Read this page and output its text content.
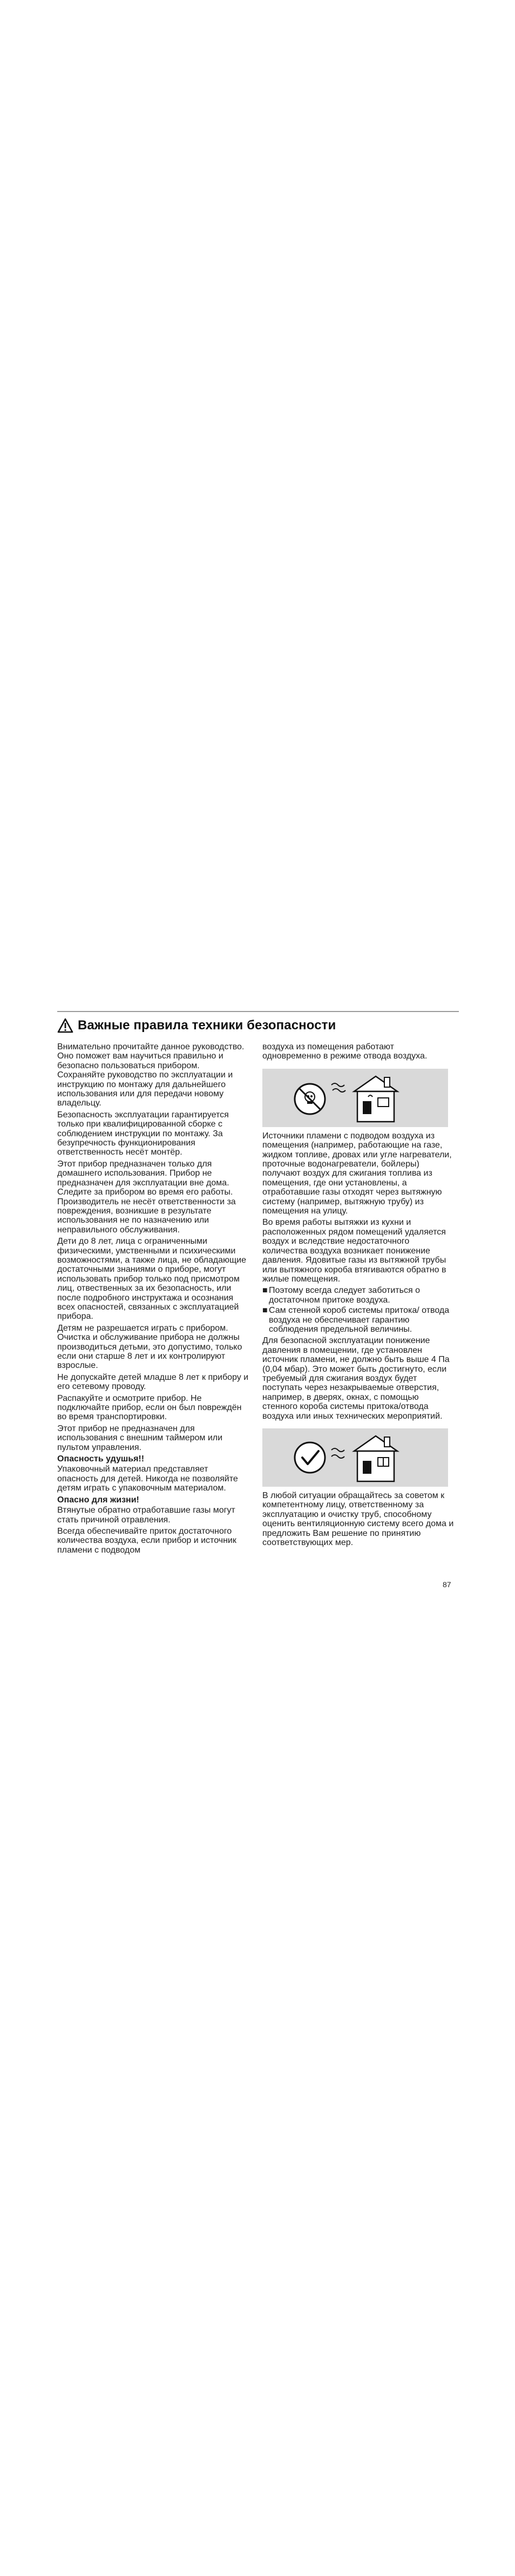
Важные правила техники безопасности

Внимательно прочитайте данное руководство. Оно поможет вам научиться правильно и безопасно пользоваться прибором. Сохраняйте руководство по эксплуатации и инструкцию по монтажу для дальнейшего использования или для передачи новому владельцу.

Безопасность эксплуатации гарантируется только при квалифицированной сборке с соблюдением инструкции по монтажу. За безупречность функционирования ответственность несёт монтёр.

Этот прибор предназначен только для домашнего использования. Прибор не предназначен для эксплуатации вне дома. Следите за прибором во время его работы. Производитель не несёт ответственности за повреждения, возникшие в результате использования не по назначению или неправильного обслуживания.

Дети до 8 лет, лица с ограниченными физическими, умственными и психическими возможностями, а также лица, не обладающие достаточными знаниями о приборе, могут использовать прибор только под присмотром лиц, отвественных за их безопасность, или после подробного инструктажа и осознания всех опасностей, связанных с эксплуатацией прибора.

Детям не разрешается играть с прибором. Очистка и обслуживание прибора не должны производиться детьми, это допустимо, только если они старше 8 лет и их контролируют взрослые.

Не допускайте детей младше 8 лет к прибору и его сетевому проводу.

Распакуйте и осмотрите прибор. Не подключайте прибор, если он был повреждён во время транспортировки.

Этот прибор не предназначен для использования с внешним таймером или пультом управления.

Опасность удушья!!

Упаковочный материал представляет опасность для детей. Никогда не позволяйте детям играть с упаковочным материалом.

Опасно для жизни!

Втянутые обратно отработавшие газы могут стать причиной отравления.

Всегда обеспечивайте приток достаточного количества воздуха, если прибор и источник пламени с подводом

воздуха из помещения работают одновременно в режиме отвода воздуха.

Источники пламени с подводом воздуха из помещения (например, работающие на газе, жидком топливе, дровах или угле нагреватели, проточные водонагреватели, бойлеры) получают воздух для сжигания топлива из помещения, где они установлены, а отработавшие газы отходят через вытяжную систему (например, вытяжную трубу) из помещения на улицу.

Во время работы вытяжки из кухни и расположенных рядом помещений удаляется воздух и вследствие недостаточного количества воздуха возникает понижение давления. Ядовитые газы из вытяжной трубы или вытяжного короба втягиваются обратно в жилые помещения.

■ Поэтому всегда следует заботиться о достаточном притоке воздуха.
■ Сам стенной короб системы притока/ отвода воздуха не обеспечивает гарантию соблюдения предельной величины.

Для безопасной эксплуатации понижение давления в помещении, где установлен источник пламени, не должно быть выше 4 Па (0,04 мбар). Это может быть достигнуто, если требуемый для сжигания воздух будет поступать через незакрываемые отверстия, например, в дверях, окнах, с помощью стенного короба системы притока/отвода воздуха или иных технических мероприятий.

В любой ситуации обращайтесь за советом к компетентному лицу, ответственному за эксплуатацию и очистку труб, способному оценить вентиляционную систему всего дома и предложить Вам решение по принятию соответствующих мер.

87
